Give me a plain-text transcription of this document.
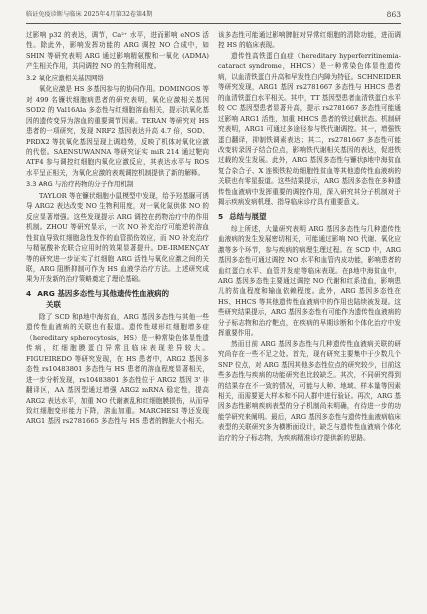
临证免疫诊断与临床 2025年4月第32卷第4期	863

过影响 p32 的表达，调节，Ca²⁺ 水平，进而影响 eNOS 活性。除此外，影响发挥功能的 ARG 调控 NO 合成中，如 SHIN 等研究表明 ARG 通过影响精氨酸和一氧化 (ADMA) 产生相关作用，共同调控 NO 的生物利用度。

3.2 氧化应激相关基因网络

氧化应激是 HS 多基因参与的协同作用。DOMINGOS 等对 499 名镰状细胞病患者的研究表明，氧化应激相关基因 SOD2 的 Val16Ala 多态性与红细胞溶血相关，提示抗氧化基因的遗传变异为溶血的重要调节因素。TERAN 等研究对 HS 患者的一项研究，发现 NRF2 基因表达升高 4.7 倍，SOD、PRDX2 等抗氧化基因呈现上调趋势，反映了机体对氧化应激的代偿。SAENSUWANNA 等研究证实 miR 214 通过靶向 ATF4 参与调控红细胞内氧化应激反应，其表达水平与 ROS 水平呈正相关，为氧化应激的表观调控机制提供了新的解释。

3.3 ARG 与治疗药物的分子作用机制

TAYLOR 等在镰状细胞小鼠模型中发现，给予羟基脲可诱导 ARG2 表达改变 NO 生物利用度，对一氧化氮供体 NO 的反应显著增强。这些发现提示 ARG 调控在药物治疗中的作用机制。ZHOU 等研究显示，一次 NO 补充治疗可能逆转溶血性贫血导致红细胞急性发作的血管损伤效应，而 NO 补充治疗与精氨酸补充联合应用时的效果显著提升。DE-IRMENÇAY 等的研究进一步证实了红细胞 ARG 活性与氧化应激之间的关联，ARG 阻断抑制可作为 HS 血液学治疗方法。上述研究成果为开发新的治疗策略奠定了理论基础。

4 ARG 基因多态性与其他遗传性血液病的
关联

除了 SCD 和β地中海贫血，ARG 基因多态性与其他一些遗传性血液病的关联也有报道。遗传性球形红细胞增多症（hereditary spherocytosis，HS）是一种常染色体显性遗传病，红细胞膜蛋白异常且临床表现差异较大。FIGUEIREDO 等研究发现，在 HS 患者中，ARG2 基因多态性 rs10483801 多态性与 HS 患者的溶血程度显著相关，进一步分析发现，rs10483801 多态性位于 ARG2 基因 3' 非翻译区，AA 基因型通过增强 ARG2 mRNA 稳定性，提高 ARG2 表达水平，加重 NO 代谢紊乱和红细胞膜损伤，从而导致红细胞变形能力下降，溶血加重。MARCHESI 等还发现 ARG1 基因 rs2781665 多态性与 HS 患者的脾脏大小相关。

该多态性可能通过影响脾脏对异常红细胞的清除功能，进而调控 HS 的临床表现。

遗传性高铁蛋白血症（hereditary hyperferritinemia-cataract syndrome，HHCS）是一种常染色体显性遗传病，以血清铁蛋白升高和早发性白内障为特征。SCHNEIDER 等研究发现，ARG1 基因 rs2781667 多态性与 HHCS 患者的血清铁蛋白水平相关。其中，TT 基因型患者血清铁蛋白水平较 CC 基因型患者显著升高，提示 rs2781667 多态性可能通过影响 ARG1 活性，加重 HHCS 患者的铁过载状态。机制研究表明，ARG1 可通过多途径参与铁代谢调控。其一，增强铁蛋白翻译，抑制铁调素表达；其二，rs2781667 多态性可能改变转录因子结合位点，影响铁代谢相关基因的表达，促进铁过载的发生发展。此外，ARG 基因多态性与镰状β地中海贫血复合杂合子、X 连锁铁粒幼细胞性贫血等其他遗传性血液病的关联也有零星报道。这些结果提示，ARG 基因多态性在多种遗传性血液病中发挥重要的调控作用，深入研究其分子机制对于揭示疾病发病机理、指导临床诊疗具有重要意义。

5 总结与展望

综上所述，大量研究表明 ARG 基因多态性与几种遗传性血液病的发生发展密切相关，可能通过影响 NO 代谢、氧化应激等多个环节，参与疾病的病理生理过程。在 SCD 中，ARG 基因多态性可通过调控 NO 水平和血管内皮功能，影响患者的血红蛋白水平、血管并发症等临床表现。在β地中海贫血中，ARG 基因多态性主要通过调控 NO 代谢和红系造血，影响患儿的贫血程度和输血依赖程度。此外，ARG 基因多态性在 HS、HHCS 等其他遗传性血液病中的作用也陆续被发现。这些研究结果提示，ARG 基因多态性有可能作为遗传性血液病的分子标志物和治疗靶点，在疾病的早期诊断和个体化治疗中发挥重要作用。

然而目前 ARG 基因多态性与几种遗传性血液病关联的研究尚存在一些不足之处。首先，现有研究主要集中于少数几个 SNP 位点，对 ARG 基因其他多态性位点的研究较少，目前这些多态性与疾病的功能研究也比较缺乏。其次，不同研究得到的结果存在不一致的情况，可能与人种、地域、样本量等因素相关，而需要更大样本和不同人群中进行验证。再次，ARG 基因多态性影响疾病表型的分子机制尚未明确，有待进一步的功能学研究来阐明。最后，ARG 基因多态性与遗传性血液病临床表型的关联研究多为横断面设计，缺乏与遗传性血液病个体化治疗的分子标志物，为疾病精准诊疗提供新的思路。
